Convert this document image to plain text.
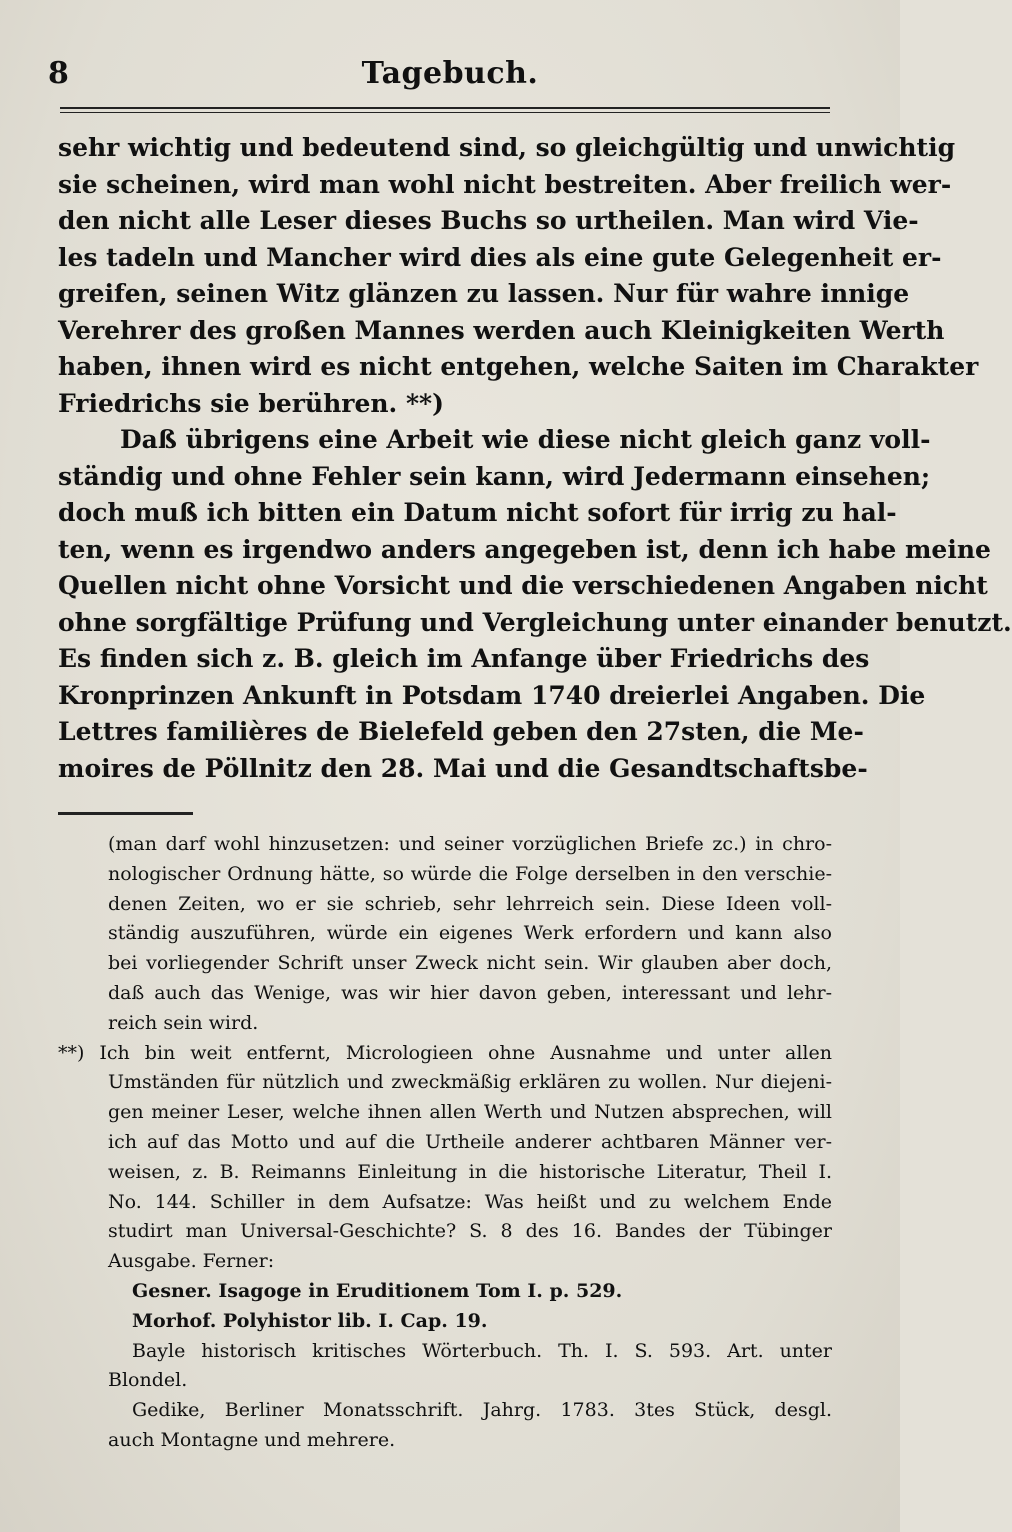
8	Tagebuch.
sehr wichtig und bedeutend sind, so gleichgültig und unwichtig
sie scheinen, wird man wohl nicht bestreiten. Aber freilich wer-
den nicht alle Leser dieses Buchs so urtheilen. Man wird Vie-
les tadeln und Mancher wird dies als eine gute Gelegenheit er-
greifen, seinen Witz glänzen zu lassen. Nur für wahre innige
Verehrer des großen Mannes werden auch Kleinigkeiten Werth
haben, ihnen wird es nicht entgehen, welche Saiten im Charakter
Friedrichs sie berühren. **)
Daß übrigens eine Arbeit wie diese nicht gleich ganz voll-
ständig und ohne Fehler sein kann, wird Jedermann einsehen;
doch muß ich bitten ein Datum nicht sofort für irrig zu hal-
ten, wenn es irgendwo anders angegeben ist, denn ich habe meine
Quellen nicht ohne Vorsicht und die verschiedenen Angaben nicht
ohne sorgfältige Prüfung und Vergleichung unter einander benutzt.
Es finden sich z. B. gleich im Anfange über Friedrichs des
Kronprinzen Ankunft in Potsdam 1740 dreierlei Angaben. Die
Lettres familières de Bielefeld geben den 27sten, die Me-
moires de Pöllnitz den 28. Mai und die Gesandtschaftsbe-
(man darf wohl hinzusetzen: und seiner vorzüglichen Briefe zc.) in chro-
nologischer Ordnung hätte, so würde die Folge derselben in den verschie-
denen Zeiten, wo er sie schrieb, sehr lehrreich sein. Diese Ideen voll-
ständig auszuführen, würde ein eigenes Werk erfordern und kann also
bei vorliegender Schrift unser Zweck nicht sein. Wir glauben aber doch,
daß auch das Wenige, was wir hier davon geben, interessant und lehr-
reich sein wird.
**) Ich bin weit entfernt, Micrologieen ohne Ausnahme und unter allen
Umständen für nützlich und zweckmäßig erklären zu wollen. Nur diejeni-
gen meiner Leser, welche ihnen allen Werth und Nutzen absprechen, will
ich auf das Motto und auf die Urtheile anderer achtbaren Männer ver-
weisen, z. B. Reimanns Einleitung in die historische Literatur, Theil I.
No. 144. Schiller in dem Aufsatze: Was heißt und zu welchem Ende
studirt man Universal-Geschichte? S. 8 des 16. Bandes der Tübinger
Ausgabe. Ferner:
Gesner. Isagoge in Eruditionem Tom I. p. 529.
Morhof. Polyhistor lib. I. Cap. 19.
Bayle historisch kritisches Wörterbuch. Th. I. S. 593. Art. unter
Blondel.
Gedike, Berliner Monatsschrift. Jahrg. 1783. 3tes Stück, desgl.
auch Montagne und mehrere.
